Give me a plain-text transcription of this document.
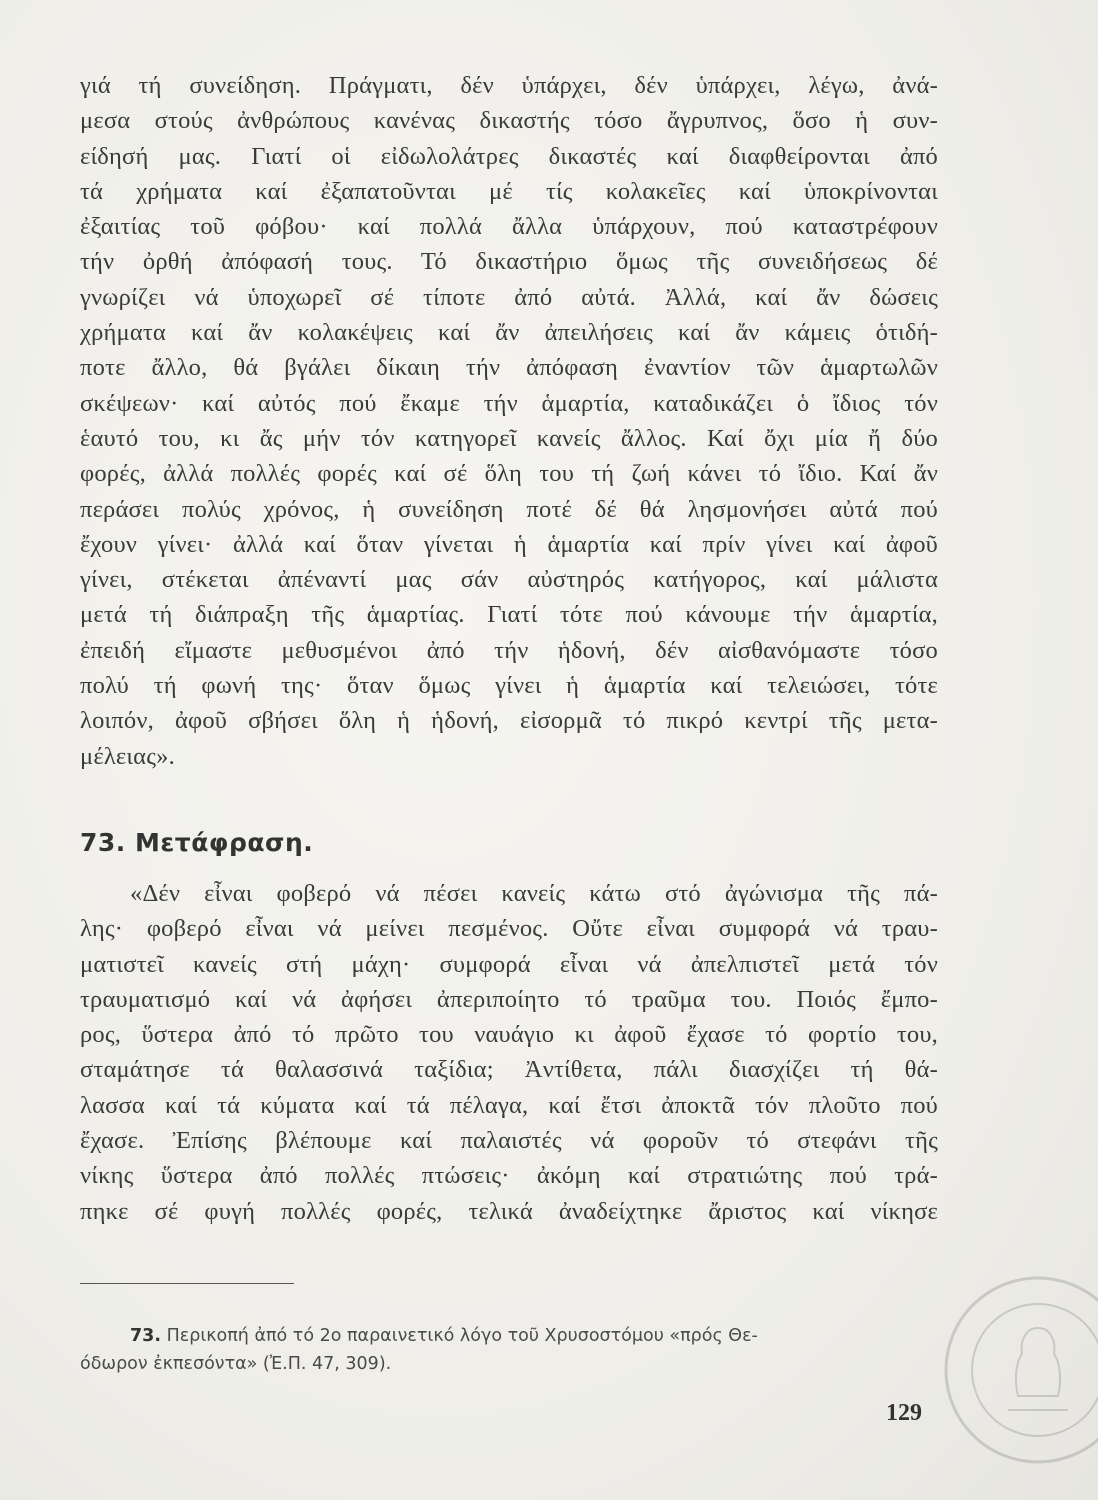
γιά τή συνείδηση. Πράγματι, δέν ὑπάρχει, δέν ὑπάρχει, λέγω, ἀνά-
μεσα στούς ἀνθρώπους κανένας δικαστής τόσο ἄγρυπνος, ὅσο ἡ συν-
είδησή μας. Γιατί οἱ εἰδωλολάτρες δικαστές καί διαφθείρονται ἀπό
τά χρήματα καί ἐξαπατοῦνται μέ τίς κολακεῖες καί ὑποκρίνονται
ἐξαιτίας τοῦ φόβου· καί πολλά ἄλλα ὑπάρχουν, πού καταστρέφουν
τήν ὀρθή ἀπόφασή τους. Τό δικαστήριο ὅμως τῆς συνειδήσεως δέ
γνωρίζει νά ὑποχωρεῖ σέ τίποτε ἀπό αὐτά. Ἀλλά, καί ἄν δώσεις
χρήματα καί ἄν κολακέψεις καί ἄν ἀπειλήσεις καί ἄν κάμεις ὁτιδή-
ποτε ἄλλο, θά βγάλει δίκαιη τήν ἀπόφαση ἐναντίον τῶν ἁμαρτωλῶν
σκέψεων· καί αὐτός πού ἔκαμε τήν ἁμαρτία, καταδικάζει ὁ ἴδιος τόν
ἑαυτό του, κι ἄς μήν τόν κατηγορεῖ κανείς ἄλλος. Καί ὄχι μία ἤ δύο
φορές, ἀλλά πολλές φορές καί σέ ὅλη του τή ζωή κάνει τό ἴδιο. Καί ἄν
περάσει πολύς χρόνος, ἡ συνείδηση ποτέ δέ θά λησμονήσει αὐτά πού
ἔχουν γίνει· ἀλλά καί ὅταν γίνεται ἡ ἁμαρτία καί πρίν γίνει καί ἀφοῦ
γίνει, στέκεται ἀπέναντί μας σάν αὐστηρός κατήγορος, καί μάλιστα
μετά τή διάπραξη τῆς ἁμαρτίας. Γιατί τότε πού κάνουμε τήν ἁμαρτία,
ἐπειδή εἴμαστε μεθυσμένοι ἀπό τήν ἡδονή, δέν αἰσθανόμαστε τόσο
πολύ τή φωνή της· ὅταν ὅμως γίνει ἡ ἁμαρτία καί τελειώσει, τότε
λοιπόν, ἀφοῦ σβήσει ὅλη ἡ ἡδονή, εἰσορμᾶ τό πικρό κεντρί τῆς μετα-
μέλειας».
73. Μετάφραση.
«Δέν εἶναι φοβερό νά πέσει κανείς κάτω στό ἀγώνισμα τῆς πά-
λης· φοβερό εἶναι νά μείνει πεσμένος. Οὔτε εἶναι συμφορά νά τραυ-
ματιστεῖ κανείς στή μάχη· συμφορά εἶναι νά ἀπελπιστεῖ μετά τόν
τραυματισμό καί νά ἀφήσει ἀπεριποίητο τό τραῦμα του. Ποιός ἔμπο-
ρος, ὕστερα ἀπό τό πρῶτο του ναυάγιο κι ἀφοῦ ἔχασε τό φορτίο του,
σταμάτησε τά θαλασσινά ταξίδια; Ἀντίθετα, πάλι διασχίζει τή θά-
λασσα καί τά κύματα καί τά πέλαγα, καί ἔτσι ἀποκτᾶ τόν πλοῦτο πού
ἔχασε. Ἐπίσης βλέπουμε καί παλαιστές νά φοροῦν τό στεφάνι τῆς
νίκης ὕστερα ἀπό πολλές πτώσεις· ἀκόμη καί στρατιώτης πού τρά-
πηκε σέ φυγή πολλές φορές, τελικά ἀναδείχτηκε ἄριστος καί νίκησε
73. Περικοπή ἀπό τό 2ο παραινετικό λόγο τοῦ Χρυσοστόμου «πρός Θε-
όδωρον ἐκπεσόντα» (Ἐ.Π. 47, 309).
129
